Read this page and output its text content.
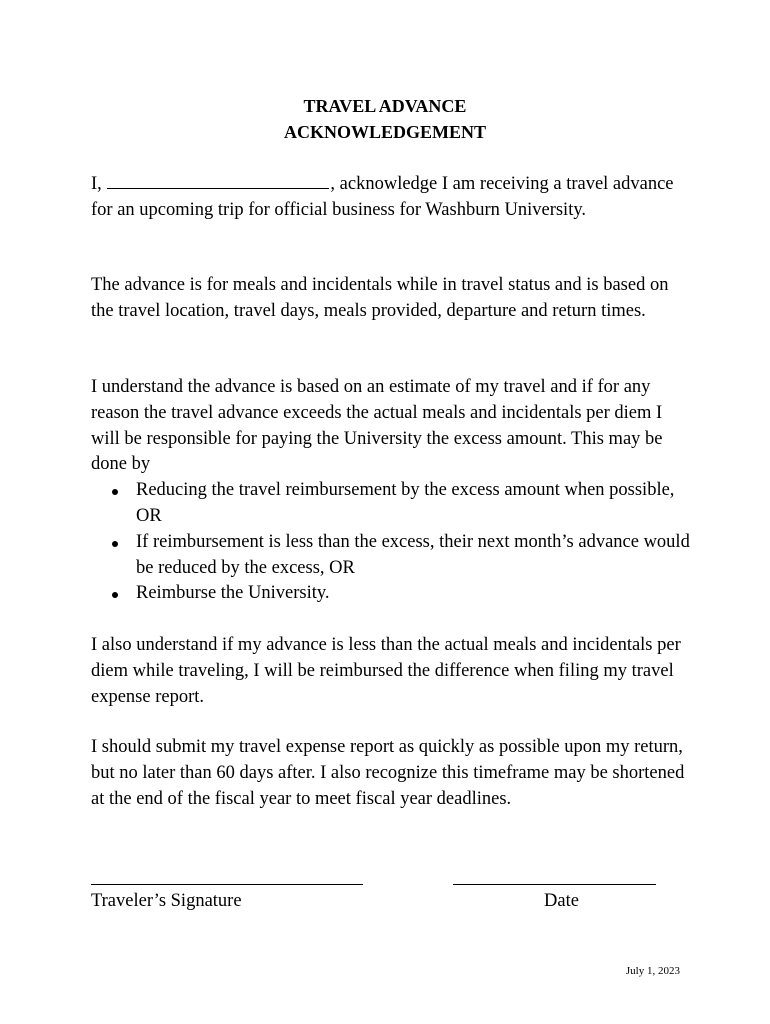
TRAVEL ADVANCE
ACKNOWLEDGEMENT
I,	, acknowledge I am receiving a travel advance for an upcoming trip for official business for Washburn University.
The advance is for meals and incidentals while in travel status and is based on the travel location, travel days, meals provided, departure and return times.

I understand the advance is based on an estimate of my travel and if for any reason the travel advance exceeds the actual meals and incidentals per diem I will be responsible for paying the University the excess amount. This may be done by

Reducing the travel reimbursement by the excess amount when possible, OR
If reimbursement is less than the excess, their next month’s advance would be reduced by the excess, OR
Reimburse the University.
I also understand if my advance is less than the actual meals and incidentals per diem while traveling, I will be reimbursed the difference when filing my travel expense report.
I should submit my travel expense report as quickly as possible upon my return, but no later than 60 days after. I also recognize this timeframe may be shortened at the end of the fiscal year to meet fiscal year deadlines.
Traveler’s Signature	Date
July 1, 2023
